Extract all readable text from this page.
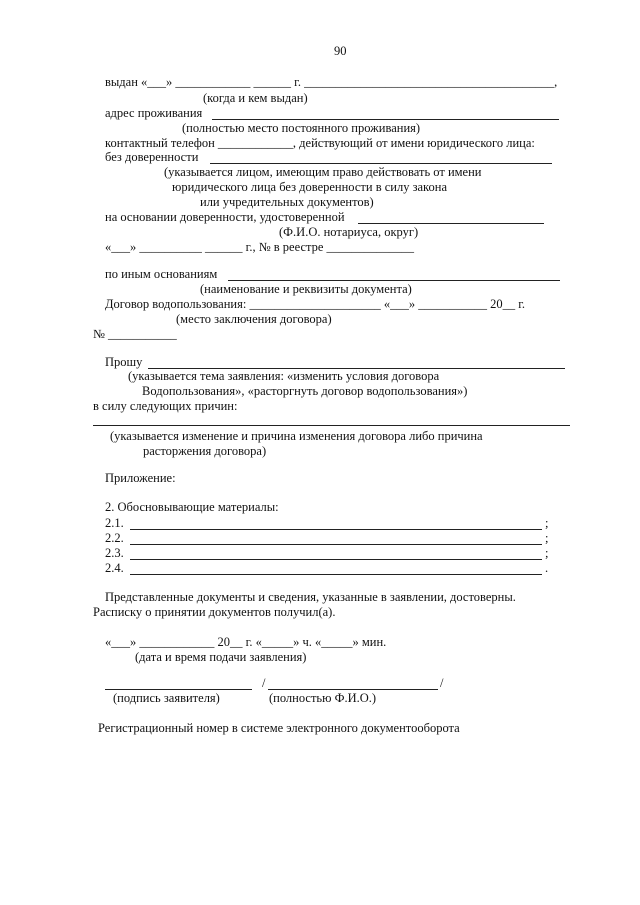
90
выдан «___» ____________ ______ г. ________________________________________,
(когда и кем выдан)
адрес проживания
(полностью место постоянного проживания)
контактный телефон ____________, действующий от имени юридического лица:
без доверенности
(указывается лицом, имеющим право действовать от имени
юридического лица без доверенности в силу закона
или учредительных документов)
на основании доверенности, удостоверенной
(Ф.И.О. нотариуса, округ)
«___» __________ ______ г., № в реестре ______________
по иным основаниям
(наименование и реквизиты документа)
Договор водопользования: _____________________ «___» ___________ 20__ г.
(место заключения договора)
№ ___________
Прошу
(указывается тема заявления: «изменить условия договора
Водопользования», «расторгнуть договор водопользования»)
в силу следующих причин:
(указывается изменение и причина изменения договора либо причина
расторжения договора)
Приложение:
2. Обосновывающие материалы:
2.1.	;
2.2.	;
2.3.	;
2.4.	.
Представленные документы и сведения, указанные в заявлении, достоверны.
Расписку о принятии документов получил(а).
«___» ____________ 20__ г. «_____» ч. «_____» мин.
(дата и время подачи заявления)
/	/
(подпись заявителя)	(полностью Ф.И.О.)
Регистрационный номер в системе электронного документооборота
